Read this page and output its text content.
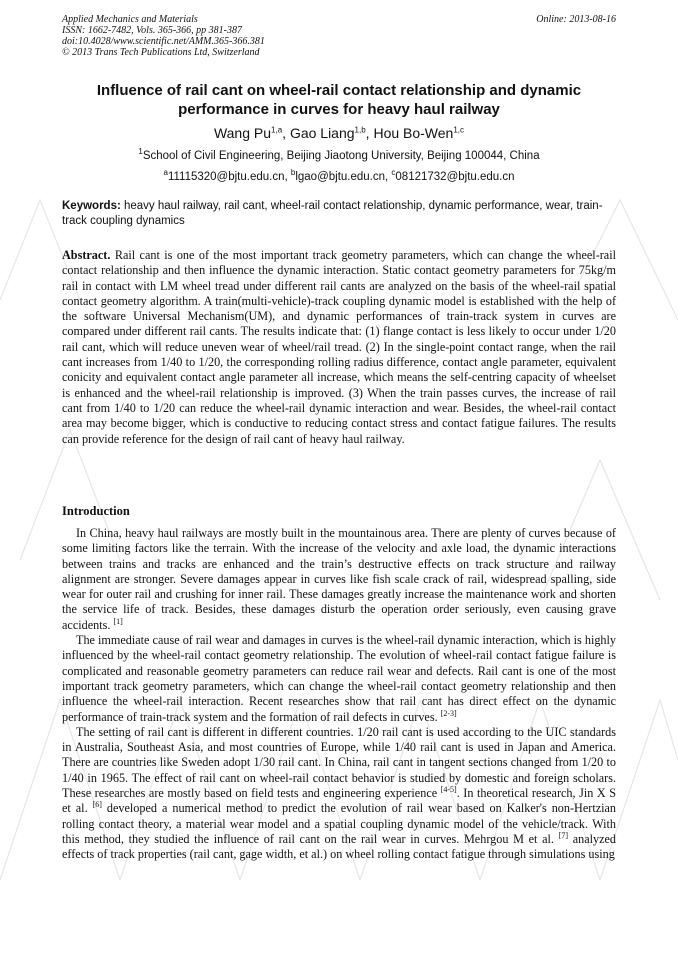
Applied Mechanics and Materials
ISSN: 1662-7482, Vols. 365-366, pp 381-387
doi:10.4028/www.scientific.net/AMM.365-366.381
© 2013 Trans Tech Publications Ltd, Switzerland
Online: 2013-08-16
Influence of rail cant on wheel-rail contact relationship and dynamic
performance in curves for heavy haul railway
Wang Pu$^{1,a}$, Gao Liang$^{1,b}$, Hou Bo-Wen$^{1,c}$
$^1$School of Civil Engineering, Beijing Jiaotong University, Beijing 100044, China
$^a$11115320@bjtu.edu.cn, $^b$lgao@bjtu.edu.cn, $^c$08121732@bjtu.edu.cn
Keywords: heavy haul railway, rail cant, wheel-rail contact relationship, dynamic performance, wear, train-track coupling dynamics
Abstract. Rail cant is one of the most important track geometry parameters, which can change the wheel-rail contact relationship and then influence the dynamic interaction. Static contact geometry parameters for 75kg/m rail in contact with LM wheel tread under different rail cants are analyzed on the basis of the wheel-rail spatial contact geometry algorithm. A train(multi-vehicle)-track coupling dynamic model is established with the help of the software Universal Mechanism(UM), and dynamic performances of train-track system in curves are compared under different rail cants. The results indicate that: (1) flange contact is less likely to occur under 1/20 rail cant, which will reduce uneven wear of wheel/rail tread. (2) In the single-point contact range, when the rail cant increases from 1/40 to 1/20, the corresponding rolling radius difference, contact angle parameter, equivalent conicity and equivalent contact angle parameter all increase, which means the self-centring capacity of wheelset is enhanced and the wheel-rail relationship is improved. (3) When the train passes curves, the increase of rail cant from 1/40 to 1/20 can reduce the wheel-rail dynamic interaction and wear. Besides, the wheel-rail contact area may become bigger, which is conductive to reducing contact stress and contact fatigue failures. The results can provide reference for the design of rail cant of heavy haul railway.
Introduction

In China, heavy haul railways are mostly built in the mountainous area. There are plenty of curves because of some limiting factors like the terrain. With the increase of the velocity and axle load, the dynamic interactions between trains and tracks are enhanced and the train’s destructive effects on track structure and railway alignment are stronger. Severe damages appear in curves like fish scale crack of rail, widespread spalling, side wear for outer rail and crushing for inner rail. These damages greatly increase the maintenance work and shorten the service life of track. Besides, these damages disturb the operation order seriously, even causing grave accidents. [1]

The immediate cause of rail wear and damages in curves is the wheel-rail dynamic interaction, which is highly influenced by the wheel-rail contact geometry relationship. The evolution of wheel-rail contact fatigue failure is complicated and reasonable geometry parameters can reduce rail wear and defects. Rail cant is one of the most important track geometry parameters, which can change the wheel-rail contact geometry relationship and then influence the wheel-rail interaction. Recent researches show that rail cant has direct effect on the dynamic performance of train-track system and the formation of rail defects in curves. [2-3]

The setting of rail cant is different in different countries. 1/20 rail cant is used according to the UIC standards in Australia, Southeast Asia, and most countries of Europe, while 1/40 rail cant is used in Japan and America. There are countries like Sweden adopt 1/30 rail cant. In China, rail cant in tangent sections changed from 1/20 to 1/40 in 1965. The effect of rail cant on wheel-rail contact behavior is studied by domestic and foreign scholars. These researches are mostly based on field tests and engineering experience [4-5]. In theoretical research, Jin X S et al. [6] developed a numerical method to predict the evolution of rail wear based on Kalker's non-Hertzian rolling contact theory, a material wear model and a spatial coupling dynamic model of the vehicle/track. With this method, they studied the influence of rail cant on the rail wear in curves. Mehrgou M et al. [7] analyzed effects of track properties (rail cant, gage width, et al.) on wheel rolling contact fatigue through simulations using
